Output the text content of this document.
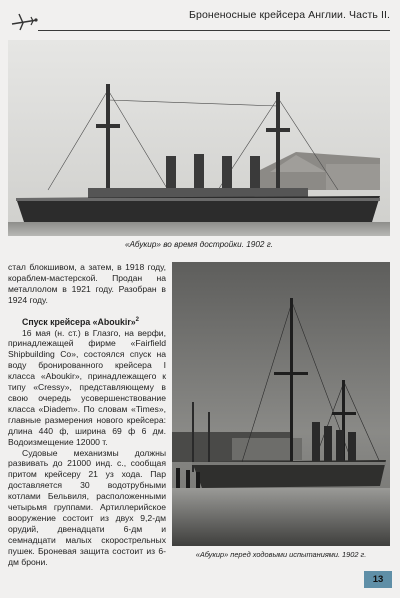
Броненосные крейсера Англии. Часть II.
«Абукир» во время достройки. 1902 г.

стал блокшивом, а затем, в 1918 году, кораблем-мастерской. Продан на металлолом в 1921 году. Разобран в 1924 году.

Спуск крейсера «Aboukir»$^2$

16 мая (н. ст.) в Глазго, на верфи, принадлежащей фирме «Fairfield Shipbuilding Co», состоялся спуск на воду бронированного крейсера I класса «Aboukir», принадлежащего к типу «Cressy», представляющему в свою очередь усовершенствование класса «Diadem». По словам «Times», главные размерения нового крейсера: длина 440 ф, ширина 69 ф 6 дм. Водоизмещение 12000 т.

Судовые механизмы должны развивать до 21000 инд. с., сообщая притом крейсеру 21 уз хода. Пар доставляется 30 водотрубными котлами Бельвиля, расположенными четырьмя группами. Артиллерийское вооружение состоит из двух 9,2-дм орудий, двенадцати 6-дм и семнадцати малых скорострельных пушек. Броневая защита состоит из 6-дм брони.

«Абукир» перед ходовыми испытаниями. 1902 г.
13
